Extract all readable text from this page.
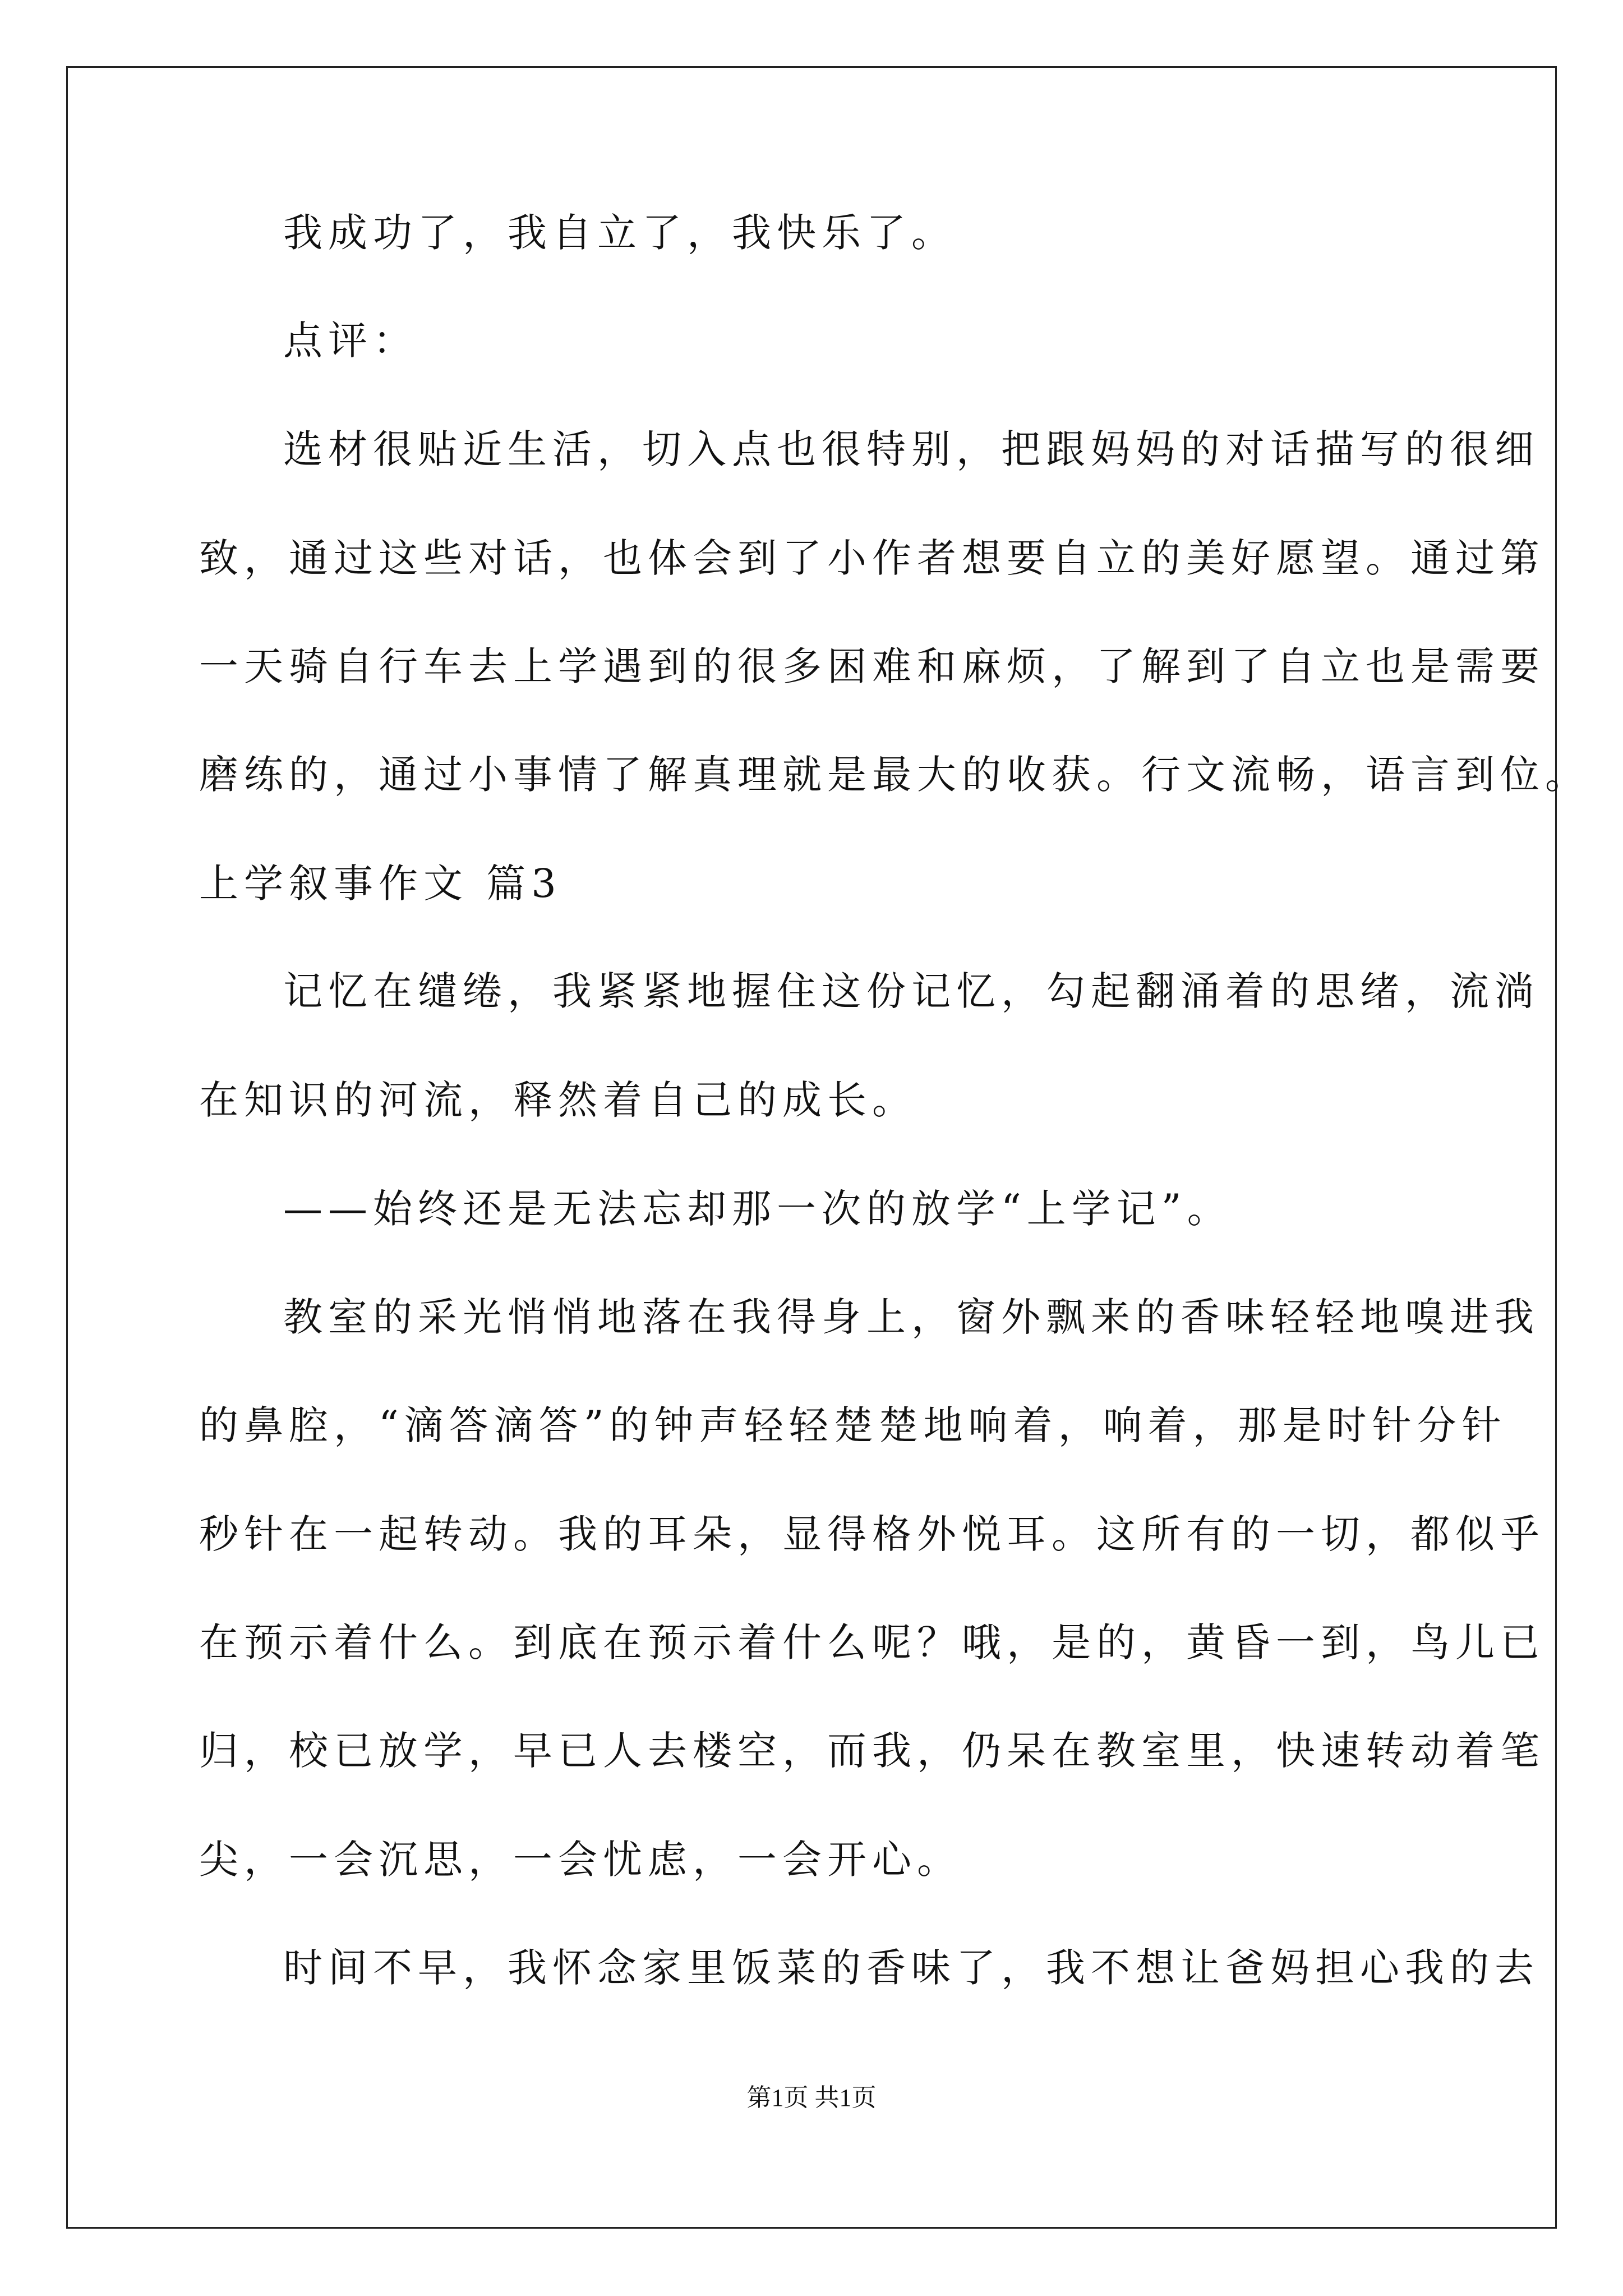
我成功了，我自立了，我快乐了。
点评：
选材很贴近生活，切入点也很特别，把跟妈妈的对话描写的很细
致，通过这些对话，也体会到了小作者想要自立的美好愿望。通过第
一天骑自行车去上学遇到的很多困难和麻烦，了解到了自立也是需要
磨练的，通过小事情了解真理就是最大的收获。行文流畅，语言到位。
上学叙事作文 篇3
记忆在缱绻，我紧紧地握住这份记忆，勾起翻涌着的思绪，流淌
在知识的河流，释然着自己的成长。
——始终还是无法忘却那一次的放学“上学记”。
教室的采光悄悄地落在我得身上，窗外飘来的香味轻轻地嗅进我
的鼻腔，“滴答滴答”的钟声轻轻楚楚地响着，响着，那是时针分针
秒针在一起转动。我的耳朵，显得格外悦耳。这所有的一切，都似乎
在预示着什么。到底在预示着什么呢？哦，是的，黄昏一到，鸟儿已
归，校已放学，早已人去楼空，而我，仍呆在教室里，快速转动着笔
尖，一会沉思，一会忧虑，一会开心。
时间不早，我怀念家里饭菜的香味了，我不想让爸妈担心我的去
第1页 共1页
